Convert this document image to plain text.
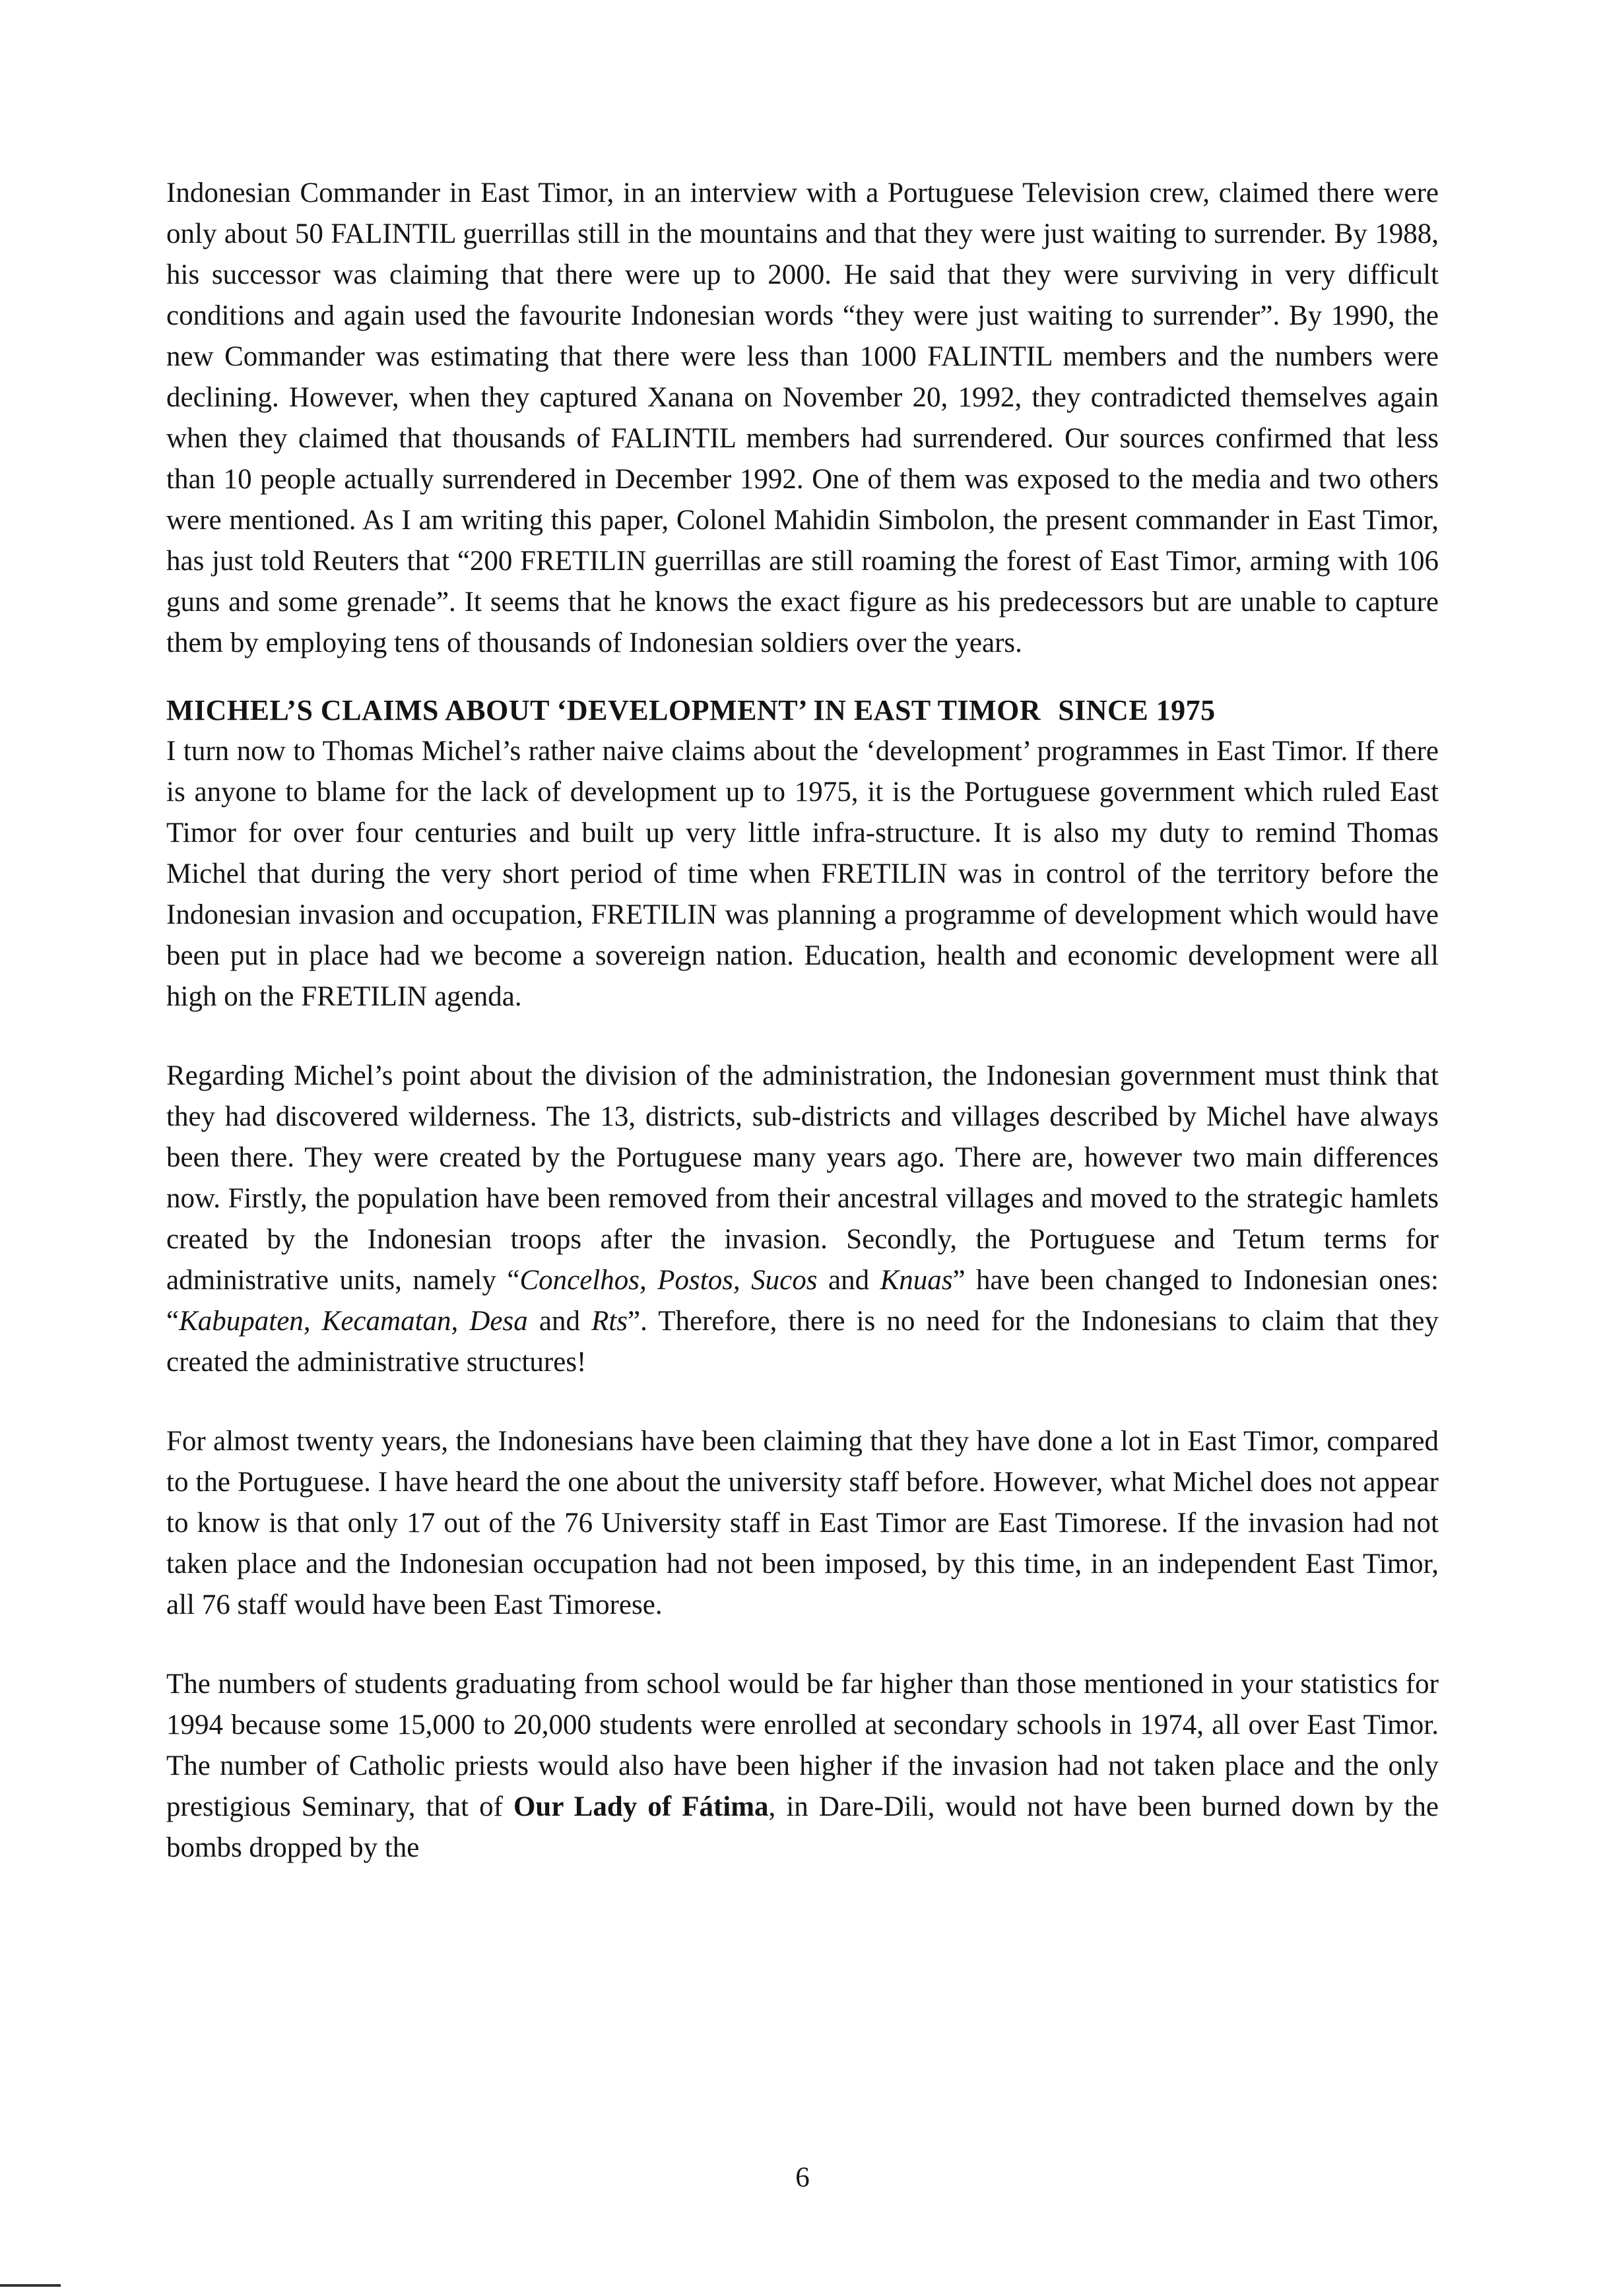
Indonesian Commander in East Timor, in an interview with a Portuguese Television crew, claimed there were only about 50 FALINTIL guerrillas still in the mountains and that they were just waiting to surrender. By 1988, his successor was claiming that there were up to 2000. He said that they were surviving in very difficult conditions and again used the favourite Indonesian words “they were just waiting to surrender”. By 1990, the new Commander was estimating that there were less than 1000 FALINTIL members and the numbers were declining. However, when they captured Xanana on November 20, 1992, they contradicted themselves again when they claimed that thousands of FALINTIL members had surrendered. Our sources confirmed that less than 10 people actually surrendered in December 1992. One of them was exposed to the media and two others were mentioned. As I am writing this paper, Colonel Mahidin Simbolon, the present commander in East Timor, has just told Reuters that “200 FRETILIN guerrillas are still roaming the forest of East Timor, arming with 106 guns and some grenade”. It seems that he knows the exact figure as his predecessors but are unable to capture them by employing tens of thousands of Indonesian soldiers over the years.

MICHEL’S CLAIMS ABOUT ‘DEVELOPMENT’ IN EAST TIMOR SINCE 1975

I turn now to Thomas Michel’s rather naive claims about the ‘development’ programmes in East Timor. If there is anyone to blame for the lack of development up to 1975, it is the Portuguese government which ruled East Timor for over four centuries and built up very little infra-structure. It is also my duty to remind Thomas Michel that during the very short period of time when FRETILIN was in control of the territory before the Indonesian invasion and occupation, FRETILIN was planning a programme of development which would have been put in place had we become a sovereign nation. Education, health and economic development were all high on the FRETILIN agenda.

Regarding Michel’s point about the division of the administration, the Indonesian government must think that they had discovered wilderness. The 13, districts, sub-districts and villages described by Michel have always been there. They were created by the Portuguese many years ago. There are, however two main differences now. Firstly, the population have been removed from their ancestral villages and moved to the strategic hamlets created by the Indonesian troops after the invasion. Secondly, the Portuguese and Tetum terms for administrative units, namely “Concelhos, Postos, Sucos and Knuas” have been changed to Indonesian ones: “Kabupaten, Kecamatan, Desa and Rts”. Therefore, there is no need for the Indonesians to claim that they created the administrative structures!

For almost twenty years, the Indonesians have been claiming that they have done a lot in East Timor, compared to the Portuguese. I have heard the one about the university staff before. However, what Michel does not appear to know is that only 17 out of the 76 University staff in East Timor are East Timorese. If the invasion had not taken place and the Indonesian occupation had not been imposed, by this time, in an independent East Timor, all 76 staff would have been East Timorese.

The numbers of students graduating from school would be far higher than those mentioned in your statistics for 1994 because some 15,000 to 20,000 students were enrolled at secondary schools in 1974, all over East Timor. The number of Catholic priests would also have been higher if the invasion had not taken place and the only prestigious Seminary, that of Our Lady of Fátima, in Dare-Dili, would not have been burned down by the bombs dropped by the

6
